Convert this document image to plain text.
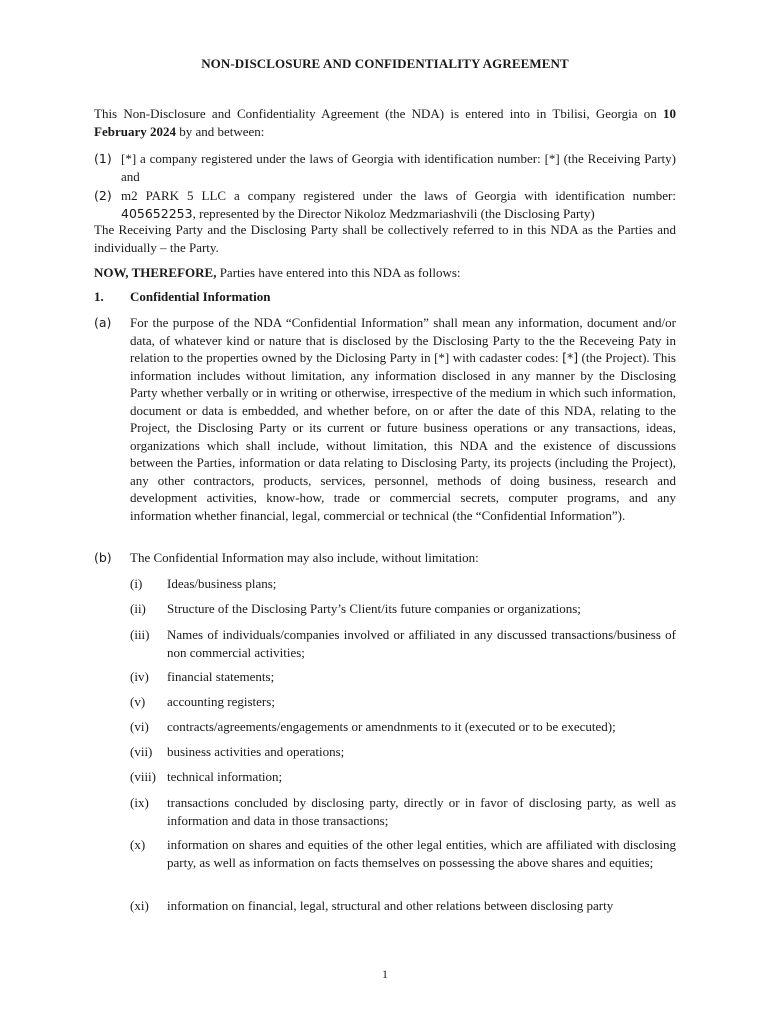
NON-DISCLOSURE AND CONFIDENTIALITY AGREEMENT
This Non-Disclosure and Confidentiality Agreement (the NDA) is entered into in Tbilisi, Georgia on 10 February 2024 by and between:
(1) [*] a company registered under the laws of Georgia with identification number: [*] (the Receiving Party) and
(2) m2 PARK 5 LLC a company registered under the laws of Georgia with identification number: 405652253, represented by the Director Nikoloz Medzmariashvili (the Disclosing Party)
The Receiving Party and the Disclosing Party shall be collectively referred to in this NDA as the Parties and individually – the Party.
NOW, THEREFORE, Parties have entered into this NDA as follows:
1. Confidential Information
(a) For the purpose of the NDA “Confidential Information” shall mean any information, document and/or data, of whatever kind or nature that is disclosed by the Disclosing Party to the the Receveing Paty in relation to the properties owned by the Diclosing Party in [*] with cadaster codes: [*] (the Project). This information includes without limitation, any information disclosed in any manner by the Disclosing Party whether verbally or in writing or otherwise, irrespective of the medium in which such information, document or data is embedded, and whether before, on or after the date of this NDA, relating to the Project, the Disclosing Party or its current or future business operations or any transactions, ideas, organizations which shall include, without limitation, this NDA and the existence of discussions between the Parties, information or data relating to Disclosing Party, its projects (including the Project), any other contractors, products, services, personnel, methods of doing business, research and development activities, know-how, trade or commercial secrets, computer programs, and any information whether financial, legal, commercial or technical (the “Confidential Information”).
(b) The Confidential Information may also include, without limitation:
(i) Ideas/business plans;
(ii) Structure of the Disclosing Party’s Client/its future companies or organizations;
(iii) Names of individuals/companies involved or affiliated in any discussed transactions/business of non commercial activities;
(iv) financial statements;
(v) accounting registers;
(vi) contracts/agreements/engagements or amendnments to it (executed or to be executed);
(vii) business activities and operations;
(viii) technical information;
(ix) transactions concluded by disclosing party, directly or in favor of disclosing party, as well as information and data in those transactions;
(x) information on shares and equities of the other legal entities, which are affiliated with disclosing party, as well as information on facts themselves on possessing the above shares and equities;
(xi) information on financial, legal, structural and other relations between disclosing party
1
